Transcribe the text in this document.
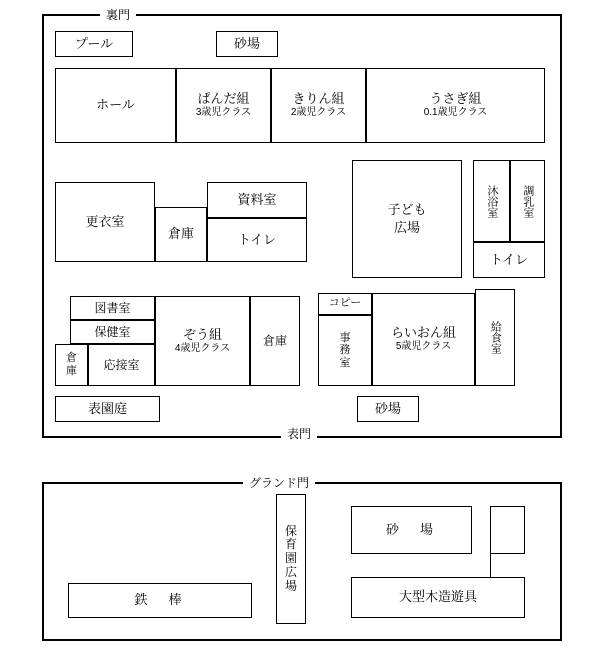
裏門
プール	砂場
ホール	ぱんだ組
3歳児クラス
きりん組
2歳児クラス
うさぎ組
0.1歳児クラス
更衣室
倉庫
資料室
トイレ
子ども
広場
沐浴室 調乳室
トイレ
図書室
保健室
倉
庫 応接室
ぞう組
4歳児クラス
倉庫
コピー
事
務
室
らいおん組
5歳児クラス	給食室
表園庭	砂場
表門
グランド門
保
育
園
広
場
砂　場
鉄　棒	大型木造遊具
